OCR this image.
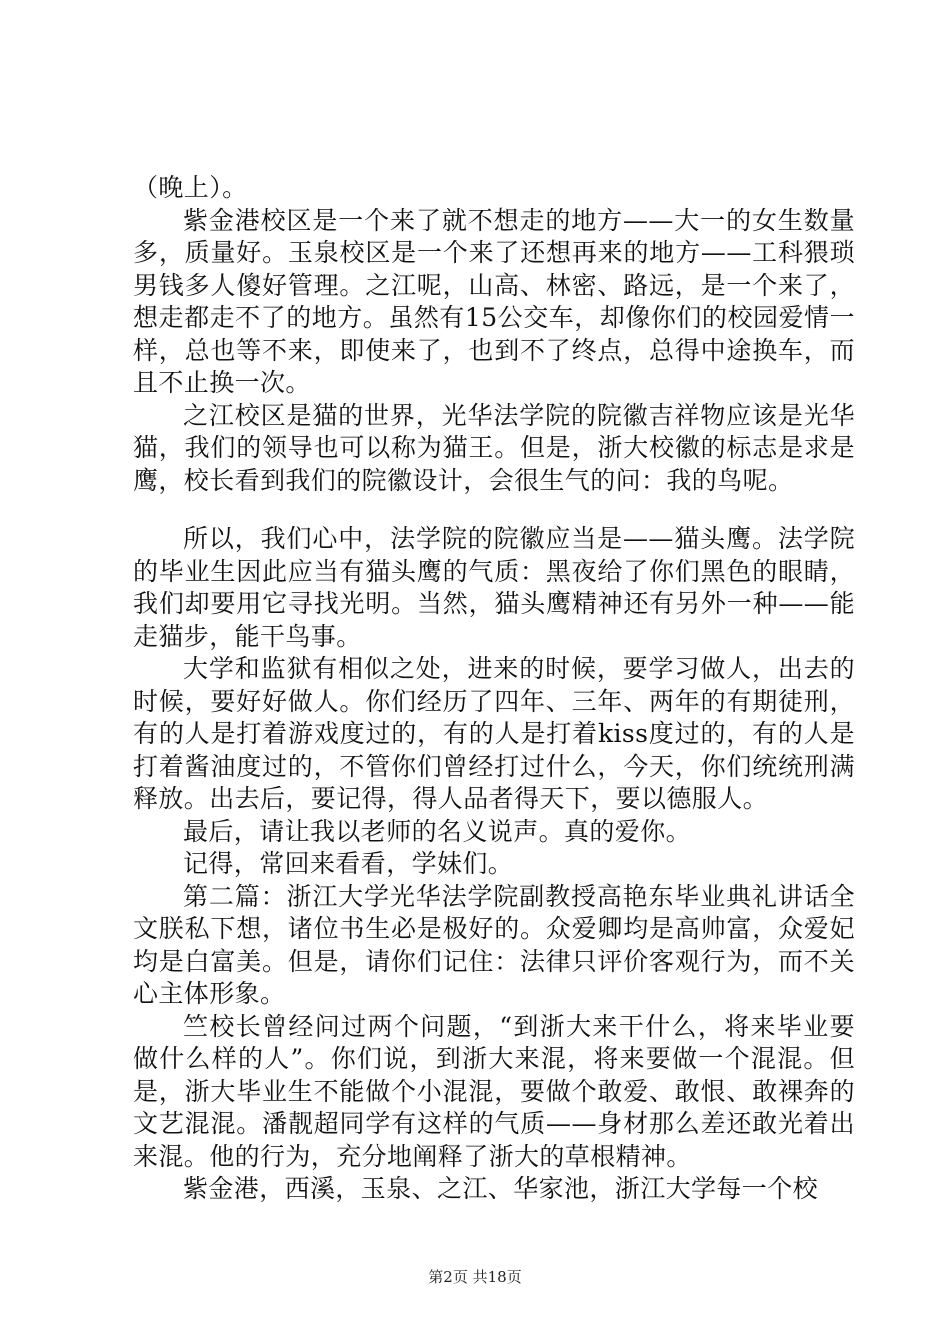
（晚上）。

紫金港校区是一个来了就不想走的地方——大一的女生数量多，质量好。玉泉校区是一个来了还想再来的地方——工科猥琐男钱多人傻好管理。之江呢，山高、林密、路远，是一个来了，想走都走不了的地方。虽然有15公交车，却像你们的校园爱情一样，总也等不来，即使来了，也到不了终点，总得中途换车，而且不止换一次。

之江校区是猫的世界，光华法学院的院徽吉祥物应该是光华猫，我们的领导也可以称为猫王。但是，浙大校徽的标志是求是鹰，校长看到我们的院徽设计，会很生气的问：我的鸟呢。

所以，我们心中，法学院的院徽应当是——猫头鹰。法学院的毕业生因此应当有猫头鹰的气质：黑夜给了你们黑色的眼睛，我们却要用它寻找光明。当然，猫头鹰精神还有另外一种——能走猫步，能干鸟事。

大学和监狱有相似之处，进来的时候，要学习做人，出去的时候，要好好做人。你们经历了四年、三年、两年的有期徒刑，有的人是打着游戏度过的，有的人是打着kiss度过的，有的人是打着酱油度过的，不管你们曾经打过什么，今天，你们统统刑满释放。出去后，要记得，得人品者得天下，要以德服人。

最后，请让我以老师的名义说声。真的爱你。

记得，常回来看看，学妹们。

第二篇：浙江大学光华法学院副教授高艳东毕业典礼讲话全文朕私下想，诸位书生必是极好的。众爱卿均是高帅富，众爱妃均是白富美。但是，请你们记住：法律只评价客观行为，而不关心主体形象。

竺校长曾经问过两个问题，“到浙大来干什么，将来毕业要做什么样的人”。你们说，到浙大来混，将来要做一个混混。但是，浙大毕业生不能做个小混混，要做个敢爱、敢恨、敢裸奔的文艺混混。潘靓超同学有这样的气质——身材那么差还敢光着出来混。他的行为，充分地阐释了浙大的草根精神。

紫金港，西溪，玉泉、之江、华家池，浙江大学每一个校

第2页 共18页
